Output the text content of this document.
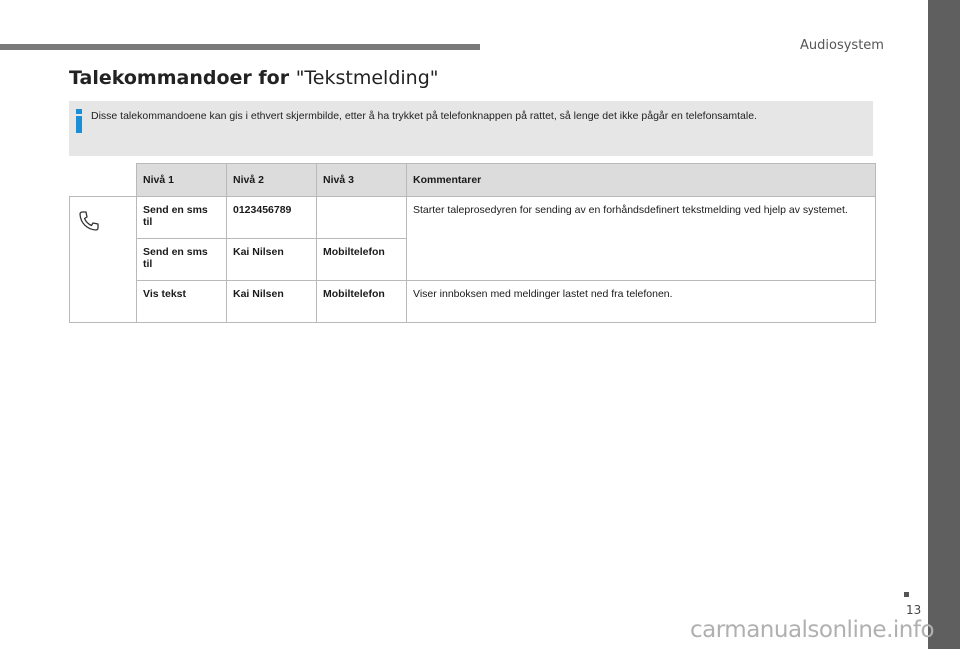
Audiosystem
Talekommandoer for "Tekstmelding"
Disse talekommandoene kan gis i ethvert skjermbilde, etter å ha trykket på telefonknappen på rattet, så lenge det ikke pågår en telefonsamtale.
	Nivå 1	Nivå 2	Nivå 3	Kommentarer
	Send en sms til	0123456789		Starter taleprosedyren for sending av en forhåndsdefinert tekstmelding ved hjelp av systemet.
	Send en sms til	Kai Nilsen	Mobiltelefon	
	Vis tekst	Kai Nilsen	Mobiltelefon	Viser innboksen med meldinger lastet ned fra telefonen.
13
carmanualsonline.info
